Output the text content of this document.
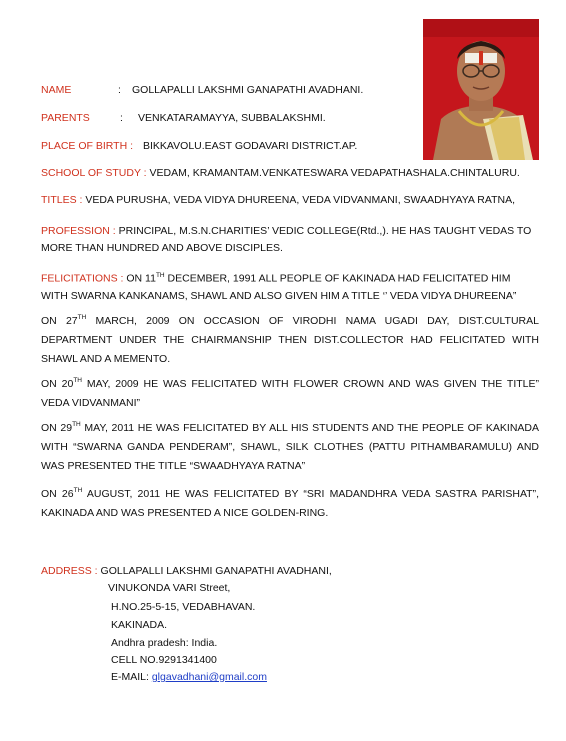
NAME	: GOLLAPALLI LAKSHMI GANAPATHI AVADHANI.
PARENTS	: VENKATARAMAYYA, SUBBALAKSHMI.
PLACE OF BIRTH : BIKKAVOLU.EAST GODAVARI DISTRICT.AP.
SCHOOL OF STUDY : VEDAM, KRAMANTAM.VENKATESWARA VEDAPATHASHALA.CHINTALURU.
TITLES : VEDA PURUSHA, VEDA VIDYA DHUREENA, VEDA VIDVANMANI, SWAADHYAYA RATNA,
PROFESSION : PRINCIPAL, M.S.N.CHARITIES’ VEDIC COLLEGE(Rtd.,). HE HAS TAUGHT VEDAS TO
MORE THAN HUNDRED AND ABOVE DISCIPLES.
FELICITATIONS : ON 11TH DECEMBER, 1991 ALL PEOPLE OF KAKINADA HAD FELICITATED HIM
WITH SWARNA KANKANAMS, SHAWL AND ALSO GIVEN HIM A TITLE ‘’ VEDA VIDYA DHUREENA”
ON 27TH MARCH, 2009 ON OCCASION OF VIRODHI NAMA UGADI DAY, DIST.CULTURAL DEPARTMENT UNDER THE CHAIRMANSHIP THEN DIST.COLLECTOR HAD FELICITATED WITH SHAWL AND A MEMENTO.
ON 20TH MAY, 2009 HE WAS FELICITATED WITH FLOWER CROWN AND WAS GIVEN THE TITLE” VEDA VIDVANMANI”
ON 29TH MAY, 2011 HE WAS FELICITATED BY ALL HIS STUDENTS AND THE PEOPLE OF KAKINADA WITH “SWARNA GANDA PENDERAM”, SHAWL, SILK CLOTHES (PATTU PITHAMBARAMULU) AND WAS PRESENTED THE TITLE “SWAADHYAYA RATNA”
ON 26TH AUGUST, 2011 HE WAS FELICITATED BY “SRI MADANDHRA VEDA SASTRA PARISHAT”, KAKINADA AND WAS PRESENTED A NICE GOLDEN-RING.
ADDRESS : GOLLAPALLI LAKSHMI GANAPATHI AVADHANI,
VINUKONDA VARI Street,
H.NO.25-5-15, VEDABHAVAN.
KAKINADA.
Andhra pradesh: India.
CELL NO.9291341400
E-MAIL: glgavadhani@gmail.com
